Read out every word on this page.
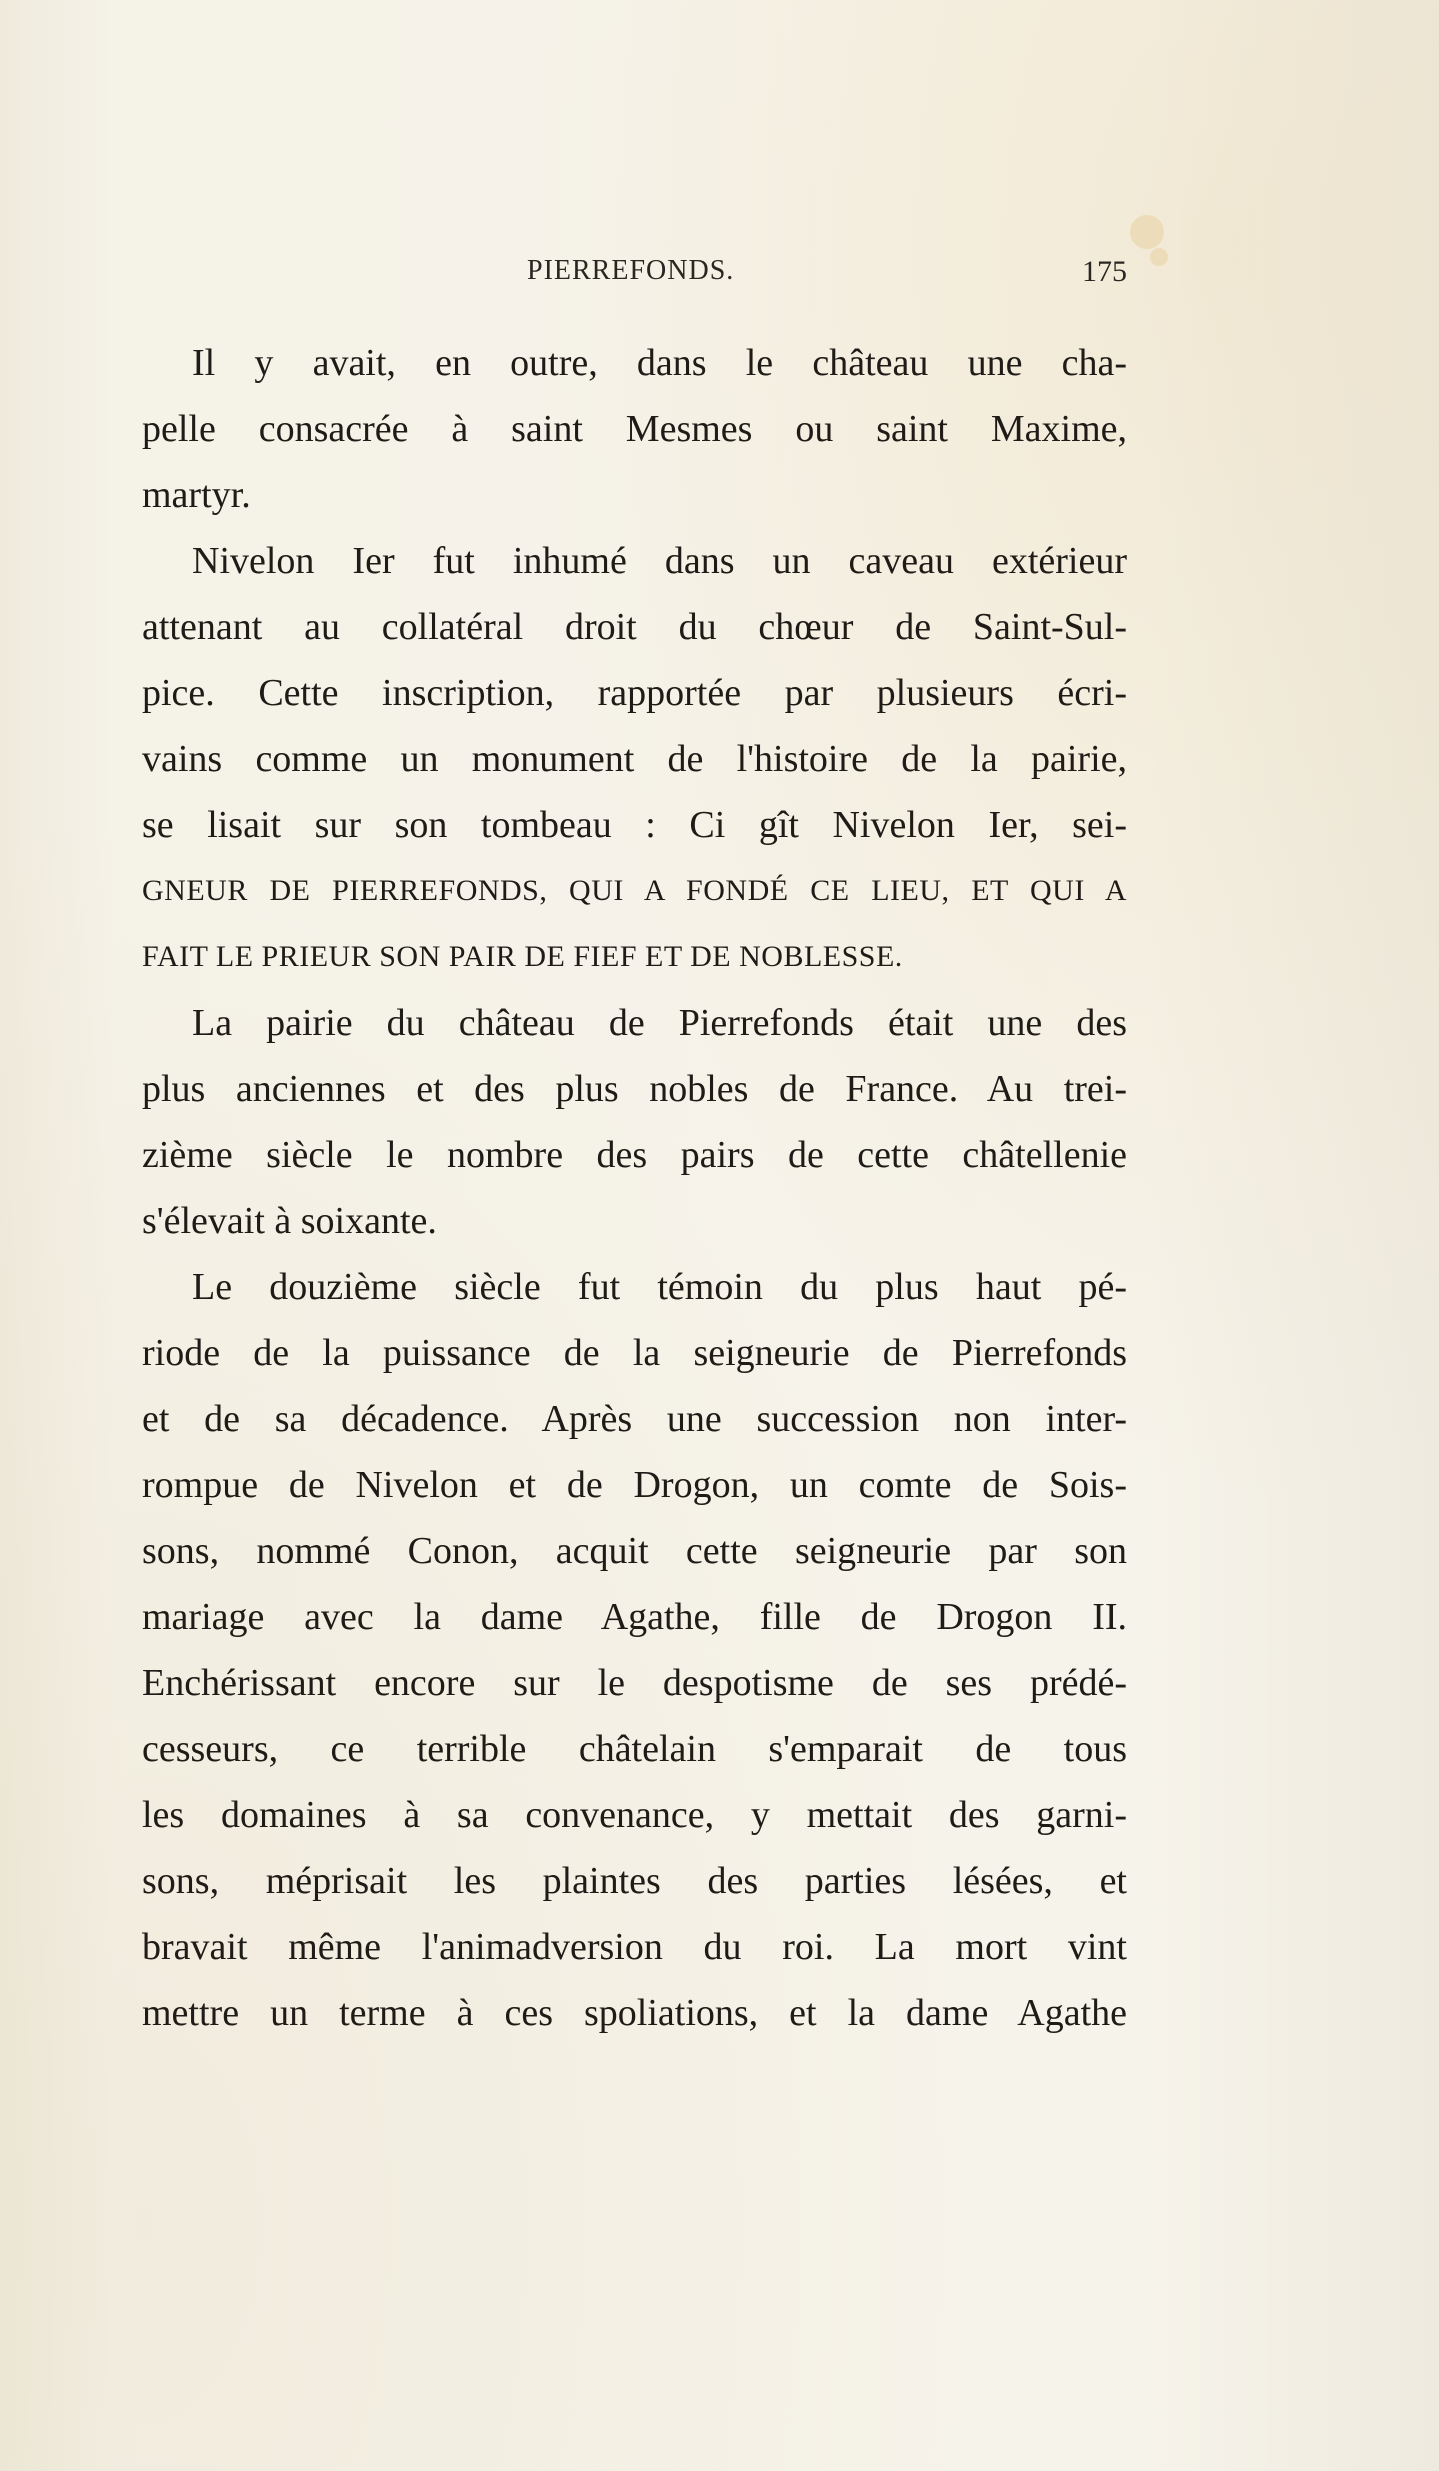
PIERREFONDS.	175
Il y avait, en outre, dans le château une cha-
pelle consacrée à saint Mesmes ou saint Maxime,
martyr.
Nivelon Ier fut inhumé dans un caveau extérieur
attenant au collatéral droit du chœur de Saint-Sul-
pice. Cette inscription, rapportée par plusieurs écri-
vains comme un monument de l'histoire de la pairie,
se lisait sur son tombeau : Ci gît Nivelon Ier, sei-
GNEUR DE PIERREFONDS, QUI A FONDÉ CE LIEU, ET QUI A
FAIT LE PRIEUR SON PAIR DE FIEF ET DE NOBLESSE.
La pairie du château de Pierrefonds était une des
plus anciennes et des plus nobles de France. Au trei-
zième siècle le nombre des pairs de cette châtellenie
s'élevait à soixante.
Le douzième siècle fut témoin du plus haut pé-
riode de la puissance de la seigneurie de Pierrefonds
et de sa décadence. Après une succession non inter-
rompue de Nivelon et de Drogon, un comte de Sois-
sons, nommé Conon, acquit cette seigneurie par son
mariage avec la dame Agathe, fille de Drogon II.
Enchérissant encore sur le despotisme de ses prédé-
cesseurs, ce terrible châtelain s'emparait de tous
les domaines à sa convenance, y mettait des garni-
sons, méprisait les plaintes des parties lésées, et
bravait même l'animadversion du roi. La mort vint
mettre un terme à ces spoliations, et la dame Agathe
